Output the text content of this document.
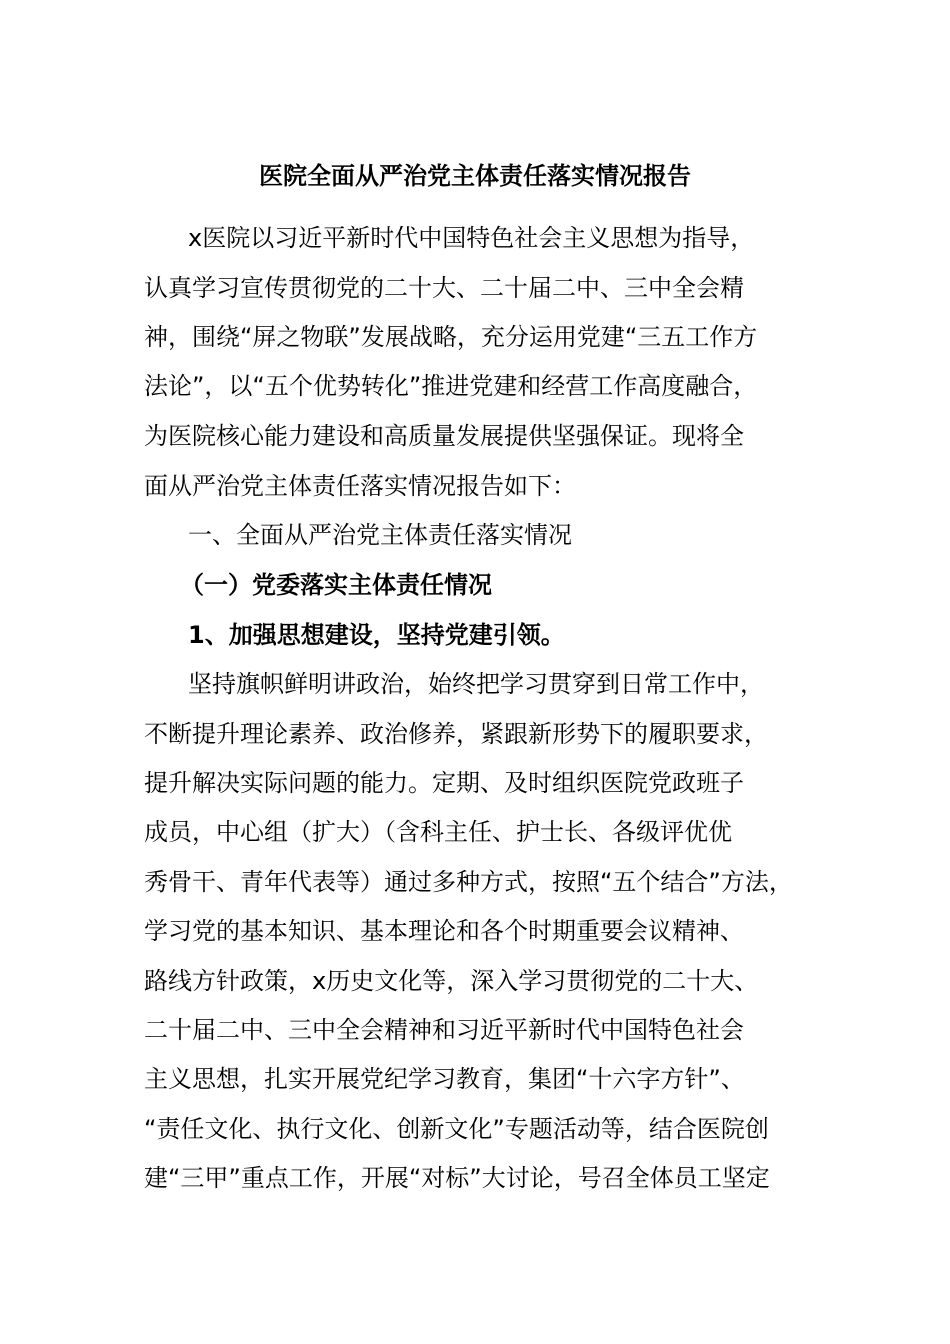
医院全面从严治党主体责任落实情况报告
x医院以习近平新时代中国特色社会主义思想为指导，
认真学习宣传贯彻党的二十大、二十届二中、三中全会精
神，围绕“屏之物联”发展战略，充分运用党建“三五工作方
法论”，以“五个优势转化”推进党建和经营工作高度融合，
为医院核心能力建设和高质量发展提供坚强保证。现将全
面从严治党主体责任落实情况报告如下：
一、全面从严治党主体责任落实情况
（一）党委落实主体责任情况
1、加强思想建设，坚持党建引领。
坚持旗帜鲜明讲政治，始终把学习贯穿到日常工作中，
不断提升理论素养、政治修养，紧跟新形势下的履职要求，
提升解决实际问题的能力。定期、及时组织医院党政班子
成员，中心组（扩大）（含科主任、护士长、各级评优优
秀骨干、青年代表等）通过多种方式，按照“五个结合”方法，
学习党的基本知识、基本理论和各个时期重要会议精神、
路线方针政策，x历史文化等，深入学习贯彻党的二十大、
二十届二中、三中全会精神和习近平新时代中国特色社会
主义思想，扎实开展党纪学习教育，集团“十六字方针”、
“责任文化、执行文化、创新文化”专题活动等，结合医院创
建“三甲”重点工作，开展“对标”大讨论，号召全体员工坚定
